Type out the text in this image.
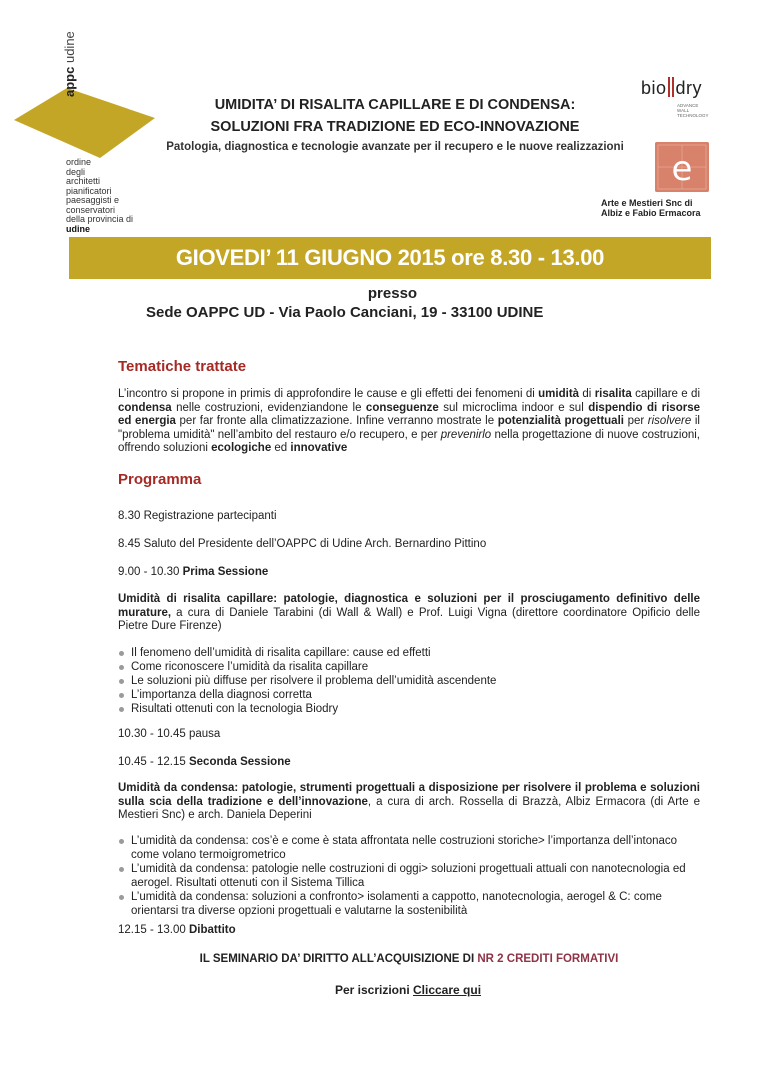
appc udine
ordine
degli
architetti
pianificatori
paesaggisti e
conservatori
della provincia di
udine
UMIDITA’ DI RISALITA CAPILLARE E DI CONDENSA:
SOLUZIONI FRA TRADIZIONE ED ECO-INNOVAZIONE
Patologia, diagnostica e tecnologie avanzate per il recupero e le nuove realizzazioni
bio dry
ADVANCE
WALL
TECHNOLOGY
e
Arte e Mestieri Snc di
Albiz e Fabio Ermacora
GIOVEDI’ 11 GIUGNO 2015 ore 8.30 - 13.00
presso
Sede OAPPC UD - Via Paolo Canciani, 19 - 33100 UDINE
Tematiche trattate
L’incontro si propone in primis di approfondire le cause e gli effetti dei fenomeni di umidità di risalita capillare e di condensa nelle costruzioni, evidenziandone le conseguenze sul microclima indoor e sul dispendio di risorse ed energia per far fronte alla climatizzazione. Infine verranno mostrate le potenzialità progettuali per risolvere il "problema umidità" nell’ambito del restauro e/o recupero, e per prevenirlo nella progettazione di nuove costruzioni, offrendo soluzioni ecologiche ed innovative
Programma
8.30 Registrazione partecipanti
8.45 Saluto del Presidente dell’OAPPC di Udine Arch. Bernardino Pittino
9.00 - 10.30 Prima Sessione
Umidità di risalita capillare: patologie, diagnostica e soluzioni per il prosciugamento definitivo delle murature, a cura di Daniele Tarabini (di Wall & Wall) e Prof. Luigi Vigna (direttore coordinatore Opificio delle Pietre Dure Firenze)
Il fenomeno dell’umidità di risalita capillare: cause ed effetti
Come riconoscere l’umidità da risalita capillare
Le soluzioni più diffuse per risolvere il problema dell’umidità ascendente
L’importanza della diagnosi corretta
Risultati ottenuti con la tecnologia Biodry
10.30 - 10.45 pausa
10.45 - 12.15 Seconda Sessione
Umidità da condensa: patologie, strumenti progettuali a disposizione per risolvere il problema e soluzioni sulla scia della tradizione e dell’innovazione, a cura di arch. Rossella di Brazzà, Albiz Ermacora (di Arte e Mestieri Snc) e arch. Daniela Deperini
L’umidità da condensa: cos’è e come è stata affrontata nelle costruzioni storiche> l’importanza dell’intonaco come volano termoigrometrico
L’umidità da condensa: patologie nelle costruzioni di oggi> soluzioni progettuali attuali con nanotecnologia ed aerogel. Risultati ottenuti con il Sistema Tillica
L’umidità da condensa: soluzioni a confronto> isolamenti a cappotto, nanotecnologia, aerogel & C: come orientarsi tra diverse opzioni progettuali e valutarne la sostenibilità
12.15 - 13.00 Dibattito
IL SEMINARIO DA’ DIRITTO ALL’ACQUISIZIONE DI NR 2 CREDITI FORMATIVI
Per iscrizioni Cliccare qui
